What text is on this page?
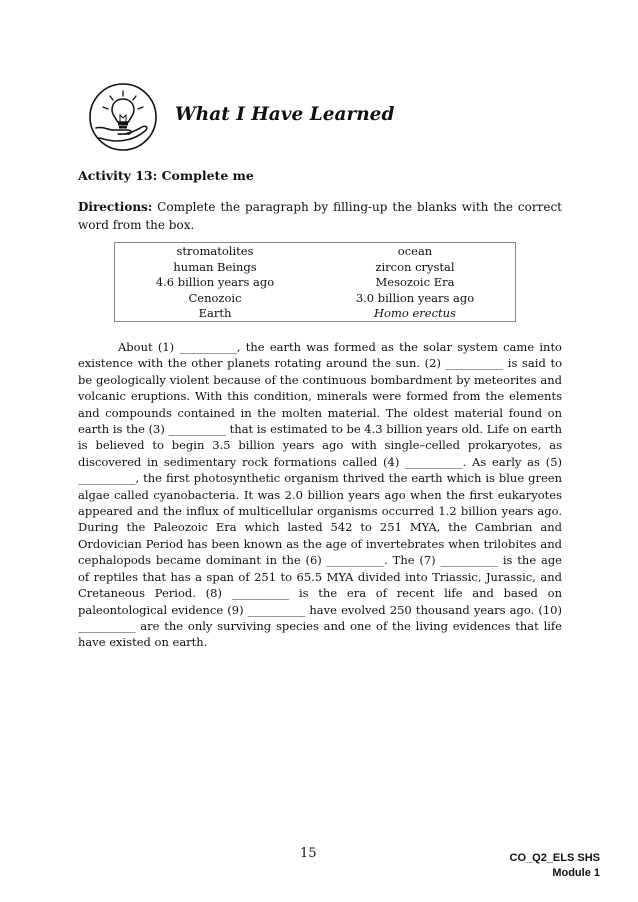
What I Have Learned
Activity 13: Complete me
Directions: Complete the paragraph by filling-up the blanks with the correct word from the box.
stromatolites	ocean
human Beings	zircon crystal
4.6 billion years ago	Mesozoic Era
Cenozoic	3.0 billion years ago
Earth	Homo erectus

About (1) __________, the earth was formed as the solar system came into existence with the other planets rotating around the sun. (2) __________ is said to be geologically violent because of the continuous bombardment by meteorites and volcanic eruptions. With this condition, minerals were formed from the elements and compounds contained in the molten material. The oldest material found on earth is the (3) __________ that is estimated to be 4.3 billion years old. Life on earth is believed to begin 3.5 billion years ago with single–celled prokaryotes, as discovered in sedimentary rock formations called (4) __________. As early as (5) __________, the first photosynthetic organism thrived the earth which is blue green algae called cyanobacteria. It was 2.0 billion years ago when the first eukaryotes appeared and the influx of multicellular organisms occurred 1.2 billion years ago. During the Paleozoic Era which lasted 542 to 251 MYA, the Cambrian and Ordovician Period has been known as the age of invertebrates when trilobites and cephalopods became dominant in the (6) __________. The (7) __________ is the age of reptiles that has a span of 251 to 65.5 MYA divided into Triassic, Jurassic, and Cretaneous Period. (8) __________ is the era of recent life and based on paleontological evidence (9) __________ have evolved 250 thousand years ago. (10) __________ are the only surviving species and one of the living evidences that life have existed on earth.

15	CO_Q2_ELS SHS
Module 1
